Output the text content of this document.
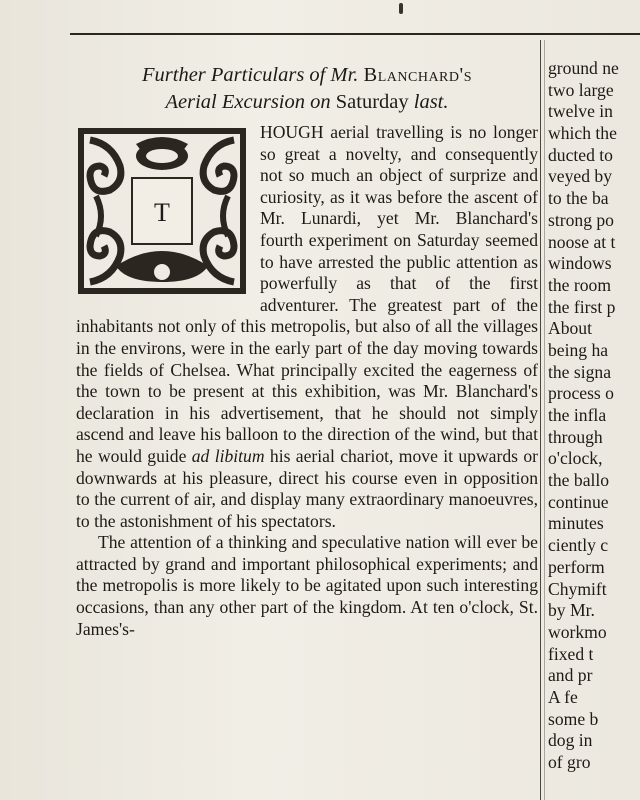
Further Particulars of Mr. Blanchard's
Aerial Excursion on Saturday last.
T

HOUGH aerial travelling is no longer so great a novelty, and consequently not so much an object of surprize and curiosity, as it was before the ascent of Mr. Lunardi, yet Mr. Blanchard's fourth experiment on Saturday seemed to have arrested the public attention as powerfully as that of the first adventurer. The greatest part of the inhabitants not only of this metropolis, but also of all the villages in the environs, were in the early part of the day moving towards the fields of Chelsea. What principally excited the eagerness of the town to be present at this exhibition, was Mr. Blanchard's declaration in his advertisement, that he should not simply ascend and leave his balloon to the direction of the wind, but that he would guide ad libitum his aerial chariot, move it upwards or downwards at his pleasure, direct his course even in opposition to the current of air, and display many extraordinary manoeuvres, to the astonishment of his spectators.

The attention of a thinking and speculative nation will ever be attracted by grand and important philosophical experiments; and the metropolis is more likely to be agitated upon such interesting occasions, than any other part of the kingdom. At ten o'clock, St. James's-

ground ne
two large
twelve in
which the
ducted to
veyed by
to the ba
strong po
noose at t
windows
the room
the first p
About
being ha
the signa
process o
the infla
through
o'clock,
the ballo
continue
minutes
ciently c
perform
Chymift
by Mr.
workmo
fixed t
and pr
A fe
some b
dog in
of gro
